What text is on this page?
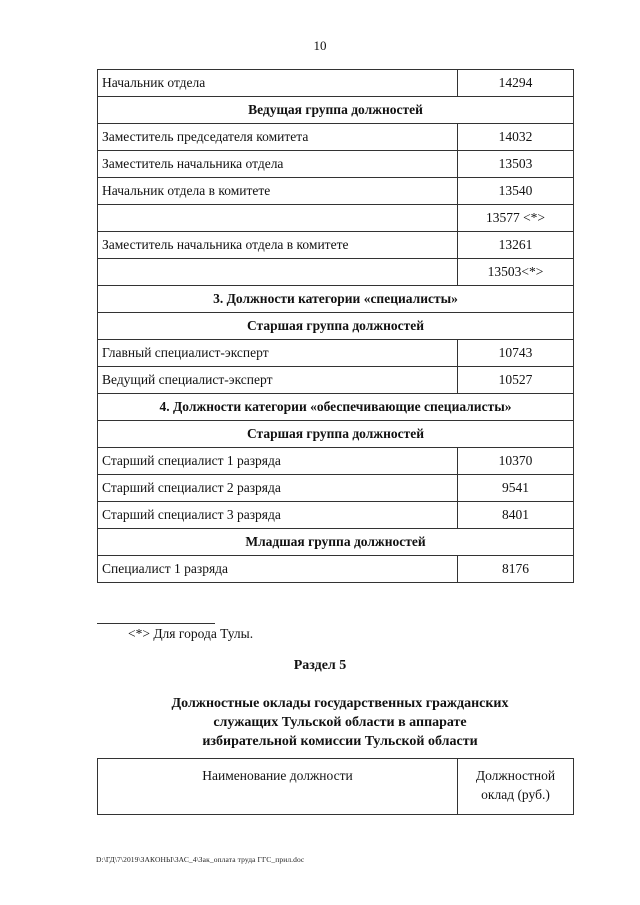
10
Начальник отдела	14294
Ведущая группа должностей	
Заместитель председателя комитета	14032
Заместитель начальника отдела	13503
Начальник отдела в комитете	13540
	13577 <*>
Заместитель начальника отдела в комитете	13261
	13503<*>
3. Должности категории «специалисты»	
Старшая группа должностей	
Главный специалист-эксперт	10743
Ведущий специалист-эксперт	10527
4. Должности категории «обеспечивающие специалисты»	
Старшая группа должностей	
Старший специалист 1 разряда	10370
Старший специалист 2 разряда	9541
Старший специалист 3 разряда	8401
Младшая группа должностей	
Специалист 1 разряда	8176
<*> Для города Тулы.
Раздел 5
Должностные оклады государственных гражданских
служащих Тульской области в аппарате
избирательной комиссии Тульской области
Наименование должности	Должностной
оклад (руб.)
D:\ГД\7\2019\ЗАКОНЫ\ЗАС_4\Зак_оплата труда ГГС_прил.doc
